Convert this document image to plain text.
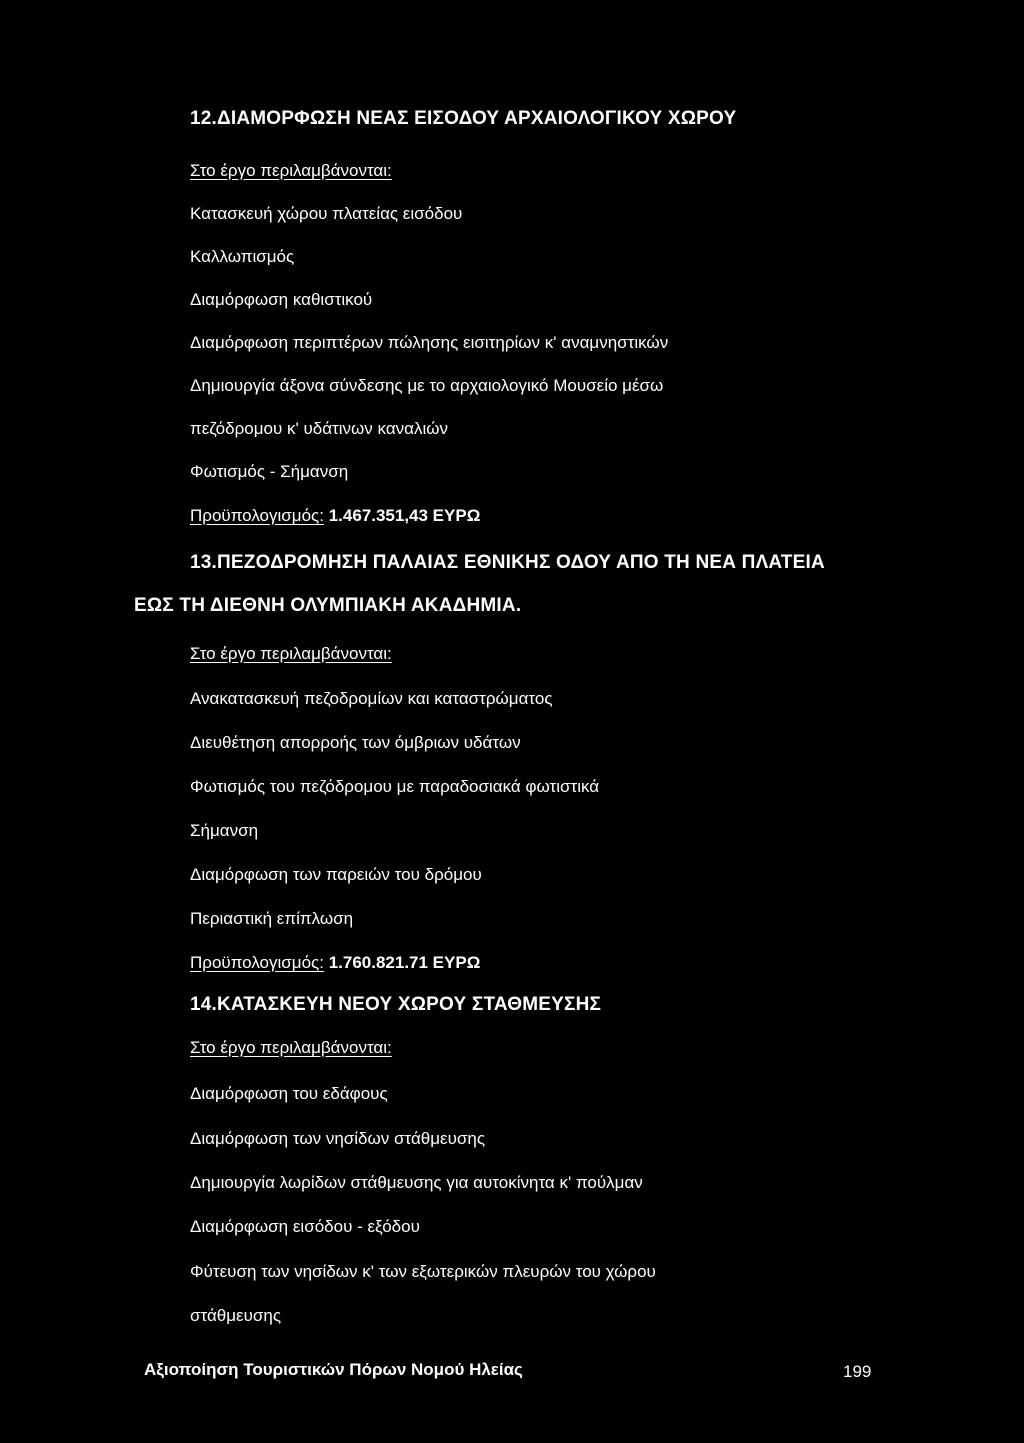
12.ΔΙΑΜΟΡΦΩΣΗ ΝΕΑΣ ΕΙΣΟΔΟΥ ΑΡΧΑΙΟΛΟΓΙΚΟΥ ΧΩΡΟΥ
Στο έργο περιλαμβάνονται:
Κατασκευή χώρου πλατείας εισόδου
Καλλωπισμός
Διαμόρφωση καθιστικού
Διαμόρφωση περιπτέρων πώλησης εισιτηρίων κ' αναμνηστικών
Δημιουργία άξονα σύνδεσης με το αρχαιολογικό Μουσείο μέσω
πεζόδρομου κ' υδάτινων καναλιών
Φωτισμός - Σήμανση
Προϋπολογισμός: 1.467.351,43 ΕΥΡΩ
13.ΠΕΖΟΔΡΟΜΗΣΗ ΠΑΛΑΙΑΣ ΕΘΝΙΚΗΣ ΟΔΟΥ ΑΠΟ ΤΗ ΝΕΑ ΠΛΑΤΕΙΑ
ΕΩΣ ΤΗ ΔΙΕΘΝΗ ΟΛΥΜΠΙΑΚΗ ΑΚΑΔΗΜΙΑ.
Στο έργο περιλαμβάνονται:
Ανακατασκευή πεζοδρομίων και καταστρώματος
Διευθέτηση απορροής των όμβριων υδάτων
Φωτισμός του πεζόδρομου με παραδοσιακά φωτιστικά
Σήμανση
Διαμόρφωση των παρειών του δρόμου
Περιαστική επίπλωση
Προϋπολογισμός: 1.760.821.71 ΕΥΡΩ
14.ΚΑΤΑΣΚΕΥΗ ΝΕΟΥ ΧΩΡΟΥ ΣΤΑΘΜΕΥΣΗΣ
Στο έργο περιλαμβάνονται:
Διαμόρφωση του εδάφους
Διαμόρφωση των νησίδων στάθμευσης
Δημιουργία λωρίδων στάθμευσης για αυτοκίνητα κ' πούλμαν
Διαμόρφωση εισόδου - εξόδου
Φύτευση των νησίδων κ' των εξωτερικών πλευρών του χώρου
στάθμευσης
Αξιοποίηση Τουριστικών Πόρων Νομού Ηλείας	199
